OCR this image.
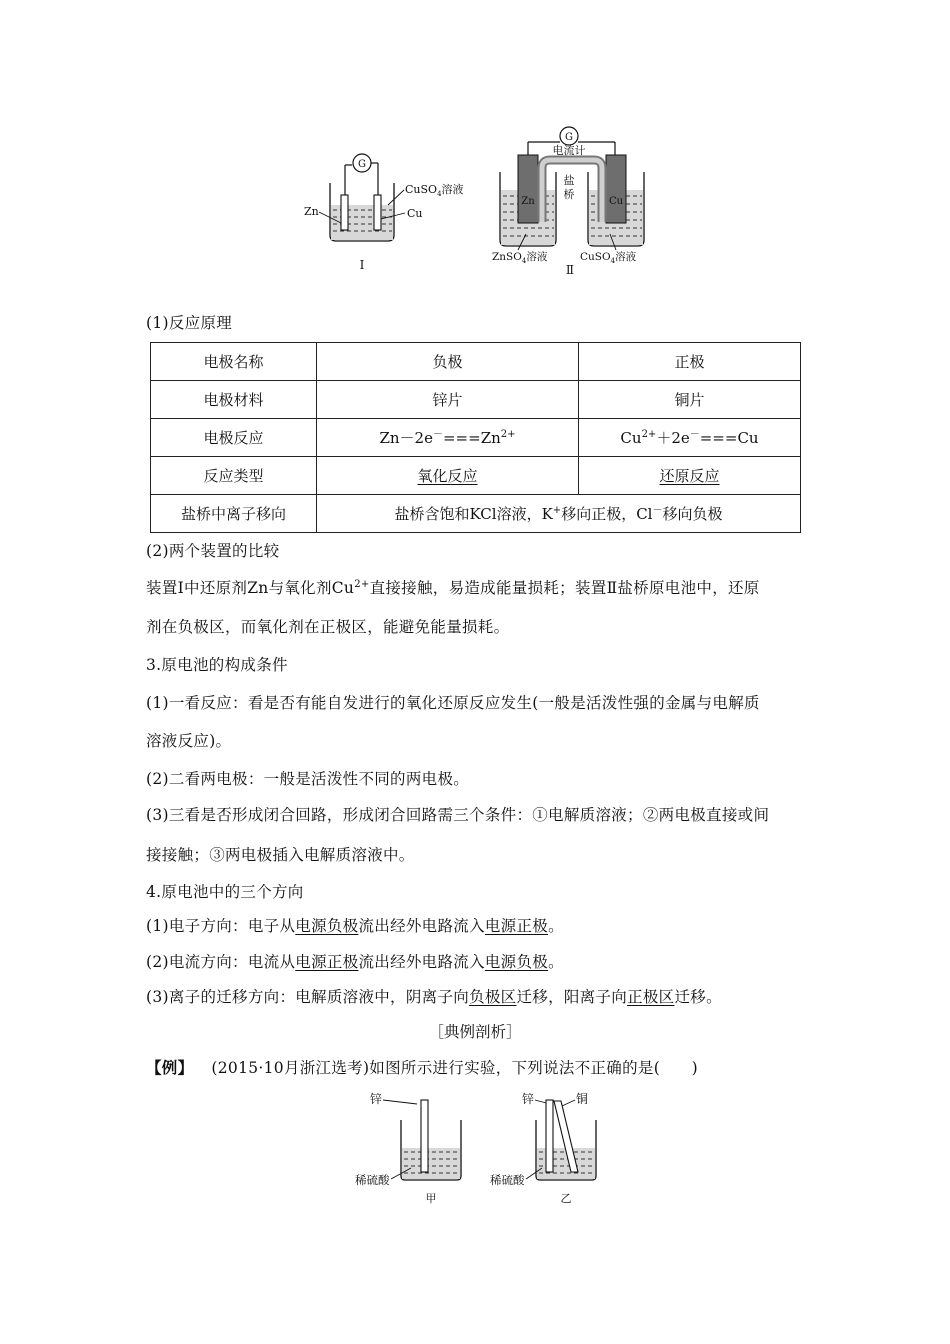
G
Zn
CuSO$_4$溶液
Cu
Ⅰ
G
电流计
盐
桥
Zn	Cu
ZnSO$_4$溶液	CuSO$_4$溶液
Ⅱ
(1)反应原理
电极名称	负极	正极
电极材料	锌片	铜片
电极反应	$Zn-2e^-===Zn^{2+}$	$Cu^{2+}+2e^-===Cu$
反应类型	氧化反应	还原反应
盐桥中离子移向	盐桥含饱和KCl溶液，K+移向正极，Cl－移向负极	
(2)两个装置的比较
装置Ⅰ中还原剂Zn与氧化剂$Cu^{2+}$直接接触，易造成能量损耗；装置Ⅱ盐桥原电池中，还原
剂在负极区，而氧化剂在正极区，能避免能量损耗。
3.原电池的构成条件
(1)一看反应：看是否有能自发进行的氧化还原反应发生(一般是活泼性强的金属与电解质
溶液反应)。
(2)二看两电极：一般是活泼性不同的两电极。
(3)三看是否形成闭合回路，形成闭合回路需三个条件：①电解质溶液；②两电极直接或间
接接触；③两电极插入电解质溶液中。
4.原电池中的三个方向
(1)电子方向：电子从电源负极流出经外电路流入电源正极。
(2)电流方向：电流从电源正极流出经外电路流入电源负极。
(3)离子的迁移方向：电解质溶液中，阴离子向负极区迁移，阳离子向正极区迁移。
［典例剖析］
【例】 (2015·10月浙江选考)如图所示进行实验，下列说法不正确的是(　　)
锌
稀硫酸
甲
锌	铜
稀硫酸
乙
